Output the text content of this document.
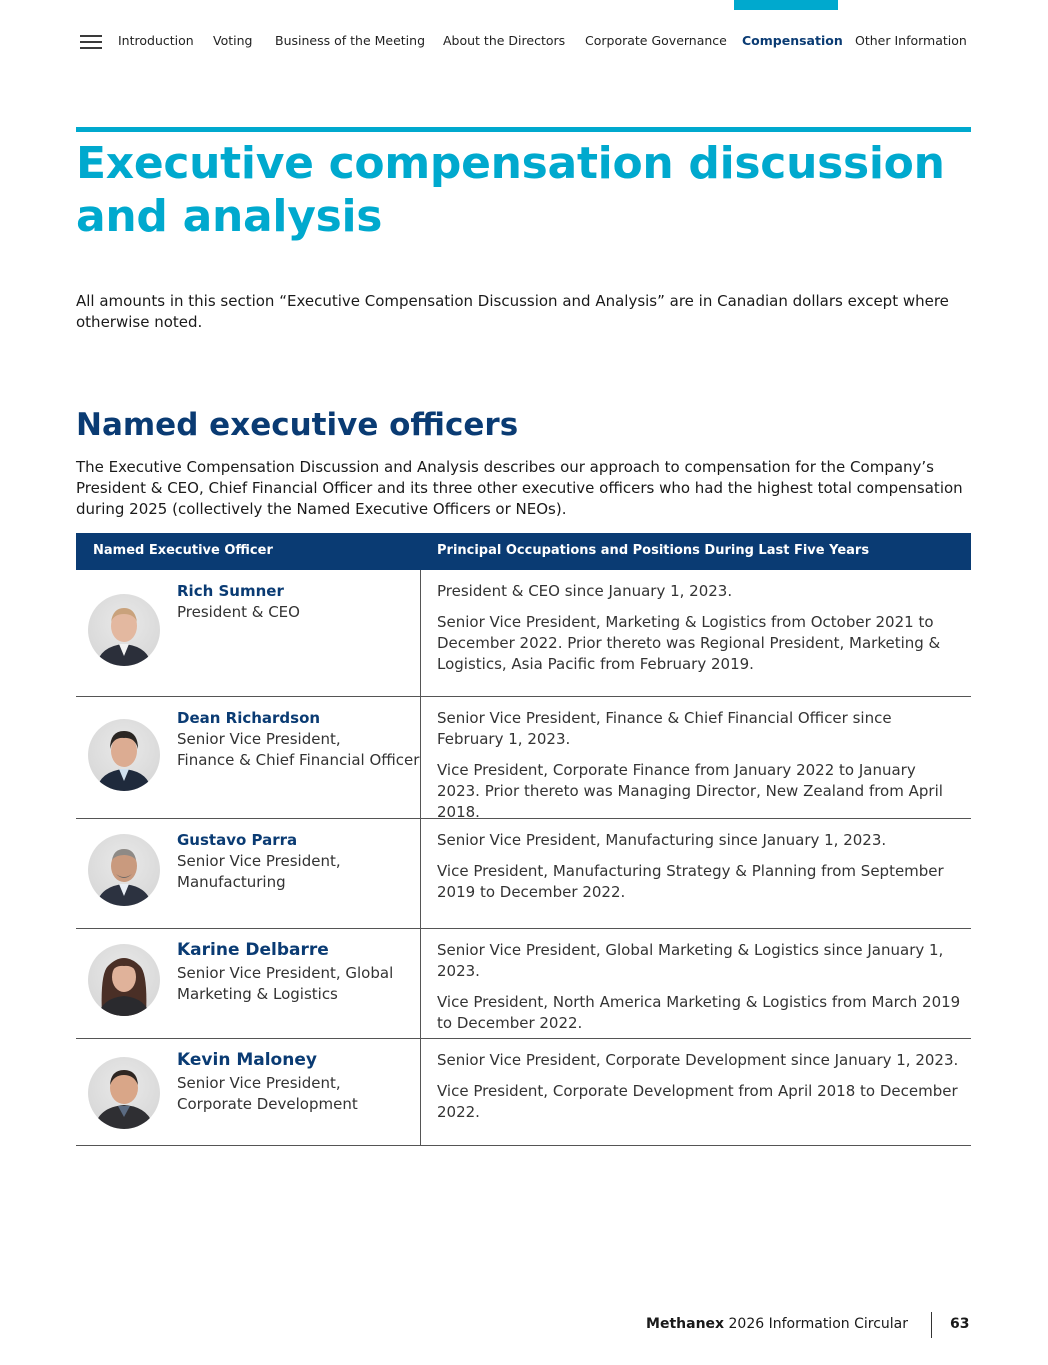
Introduction Voting Business of the Meeting About the Directors Corporate Governance Compensation Other Information
Executive compensation discussion
and analysis

All amounts in this section “Executive Compensation Discussion and Analysis” are in Canadian dollars except where otherwise noted.

Named executive officers

The Executive Compensation Discussion and Analysis describes our approach to compensation for the Company’s President & CEO, Chief Financial Officer and its three other executive officers who had the highest total compensation during 2025 (collectively the Named Executive Officers or NEOs).

Named Executive Officer	Principal Occupations and Positions During Last Five Years
Rich Sumner
President & CEO

President & CEO since January 1, 2023.

Senior Vice President, Marketing & Logistics from October 2021 to December 2022. Prior thereto was Regional President, Marketing & Logistics, Asia Pacific from February 2019.

Dean Richardson
Senior Vice President,
Finance & Chief Financial Officer

Senior Vice President, Finance & Chief Financial Officer since February 1, 2023.

Vice President, Corporate Finance from January 2022 to January 2023. Prior thereto was Managing Director, New Zealand from April 2018.

Gustavo Parra
Senior Vice President,
Manufacturing

Senior Vice President, Manufacturing since January 1, 2023.

Vice President, Manufacturing Strategy & Planning from September 2019 to December 2022.

Karine Delbarre
Senior Vice President, Global
Marketing & Logistics

Senior Vice President, Global Marketing & Logistics since January 1, 2023.

Vice President, North America Marketing & Logistics from March 2019 to December 2022.

Kevin Maloney
Senior Vice President,
Corporate Development

Senior Vice President, Corporate Development since January 1, 2023.

Vice President, Corporate Development from April 2018 to December 2022.

Methanex 2026 Information Circular	63
